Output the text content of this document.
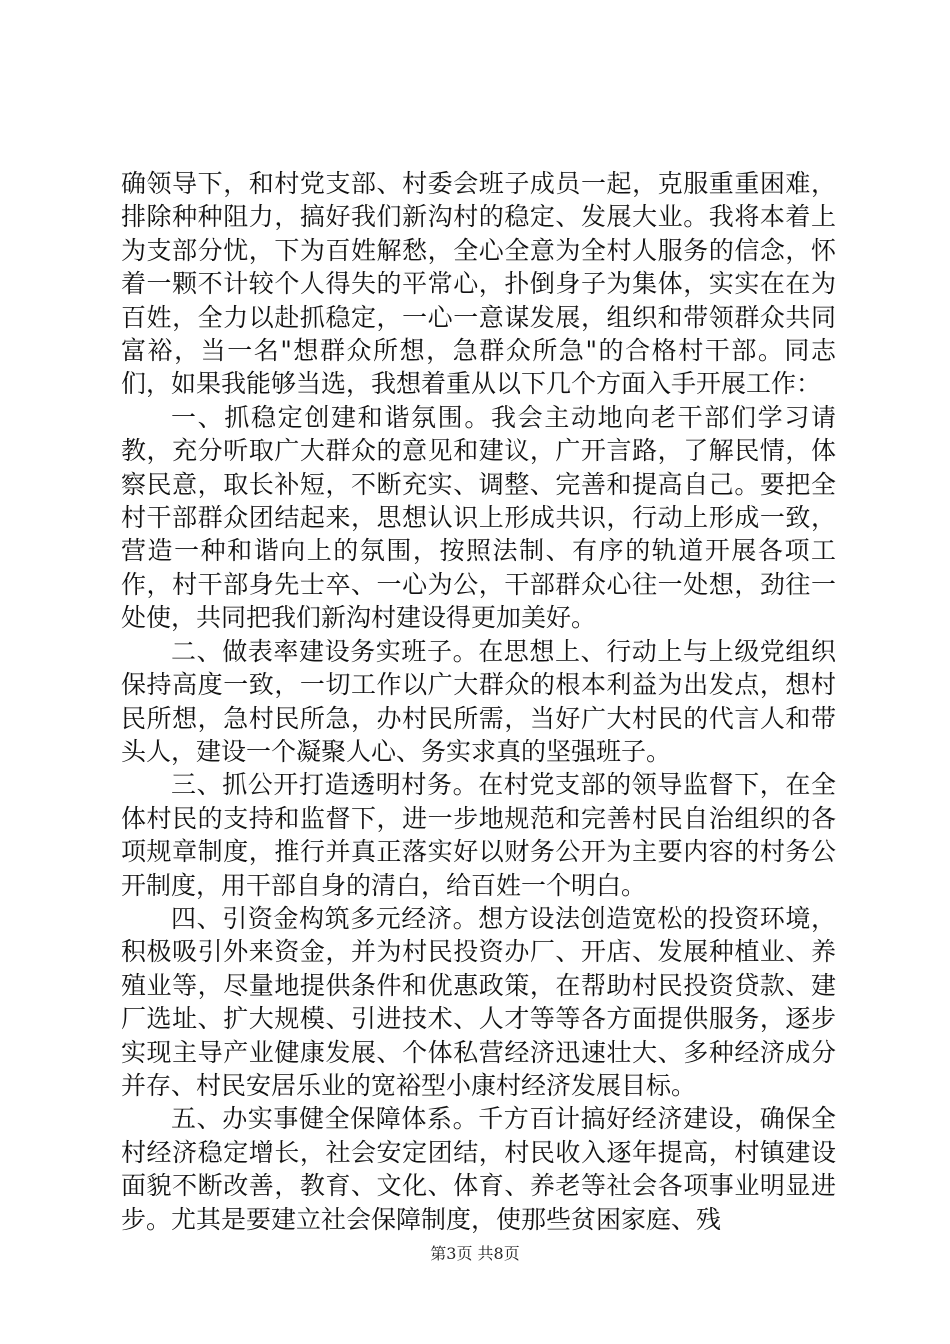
确领导下，和村党支部、村委会班子成员一起，克服重重困难，排除种种阻力，搞好我们新沟村的稳定、发展大业。我将本着上为支部分忧，下为百姓解愁，全心全意为全村人服务的信念，怀着一颗不计较个人得失的平常心，扑倒身子为集体，实实在在为百姓，全力以赴抓稳定，一心一意谋发展，组织和带领群众共同富裕，当一名"想群众所想，急群众所急"的合格村干部。同志们，如果我能够当选，我想着重从以下几个方面入手开展工作：

一、抓稳定创建和谐氛围。我会主动地向老干部们学习请教，充分听取广大群众的意见和建议，广开言路，了解民情，体察民意，取长补短，不断充实、调整、完善和提高自己。要把全村干部群众团结起来，思想认识上形成共识，行动上形成一致，营造一种和谐向上的氛围，按照法制、有序的轨道开展各项工作，村干部身先士卒、一心为公，干部群众心往一处想，劲往一处使，共同把我们新沟村建设得更加美好。

二、做表率建设务实班子。在思想上、行动上与上级党组织保持高度一致，一切工作以广大群众的根本利益为出发点，想村民所想，急村民所急，办村民所需，当好广大村民的代言人和带头人，建设一个凝聚人心、务实求真的坚强班子。

三、抓公开打造透明村务。在村党支部的领导监督下，在全体村民的支持和监督下，进一步地规范和完善村民自治组织的各项规章制度，推行并真正落实好以财务公开为主要内容的村务公开制度，用干部自身的清白，给百姓一个明白。

四、引资金构筑多元经济。想方设法创造宽松的投资环境，积极吸引外来资金，并为村民投资办厂、开店、发展种植业、养殖业等，尽量地提供条件和优惠政策，在帮助村民投资贷款、建厂选址、扩大规模、引进技术、人才等等各方面提供服务，逐步实现主导产业健康发展、个体私营经济迅速壮大、多种经济成分并存、村民安居乐业的宽裕型小康村经济发展目标。

五、办实事健全保障体系。千方百计搞好经济建设，确保全村经济稳定增长，社会安定团结，村民收入逐年提高，村镇建设面貌不断改善，教育、文化、体育、养老等社会各项事业明显进步。尤其是要建立社会保障制度，使那些贫困家庭、残

第3页 共8页
